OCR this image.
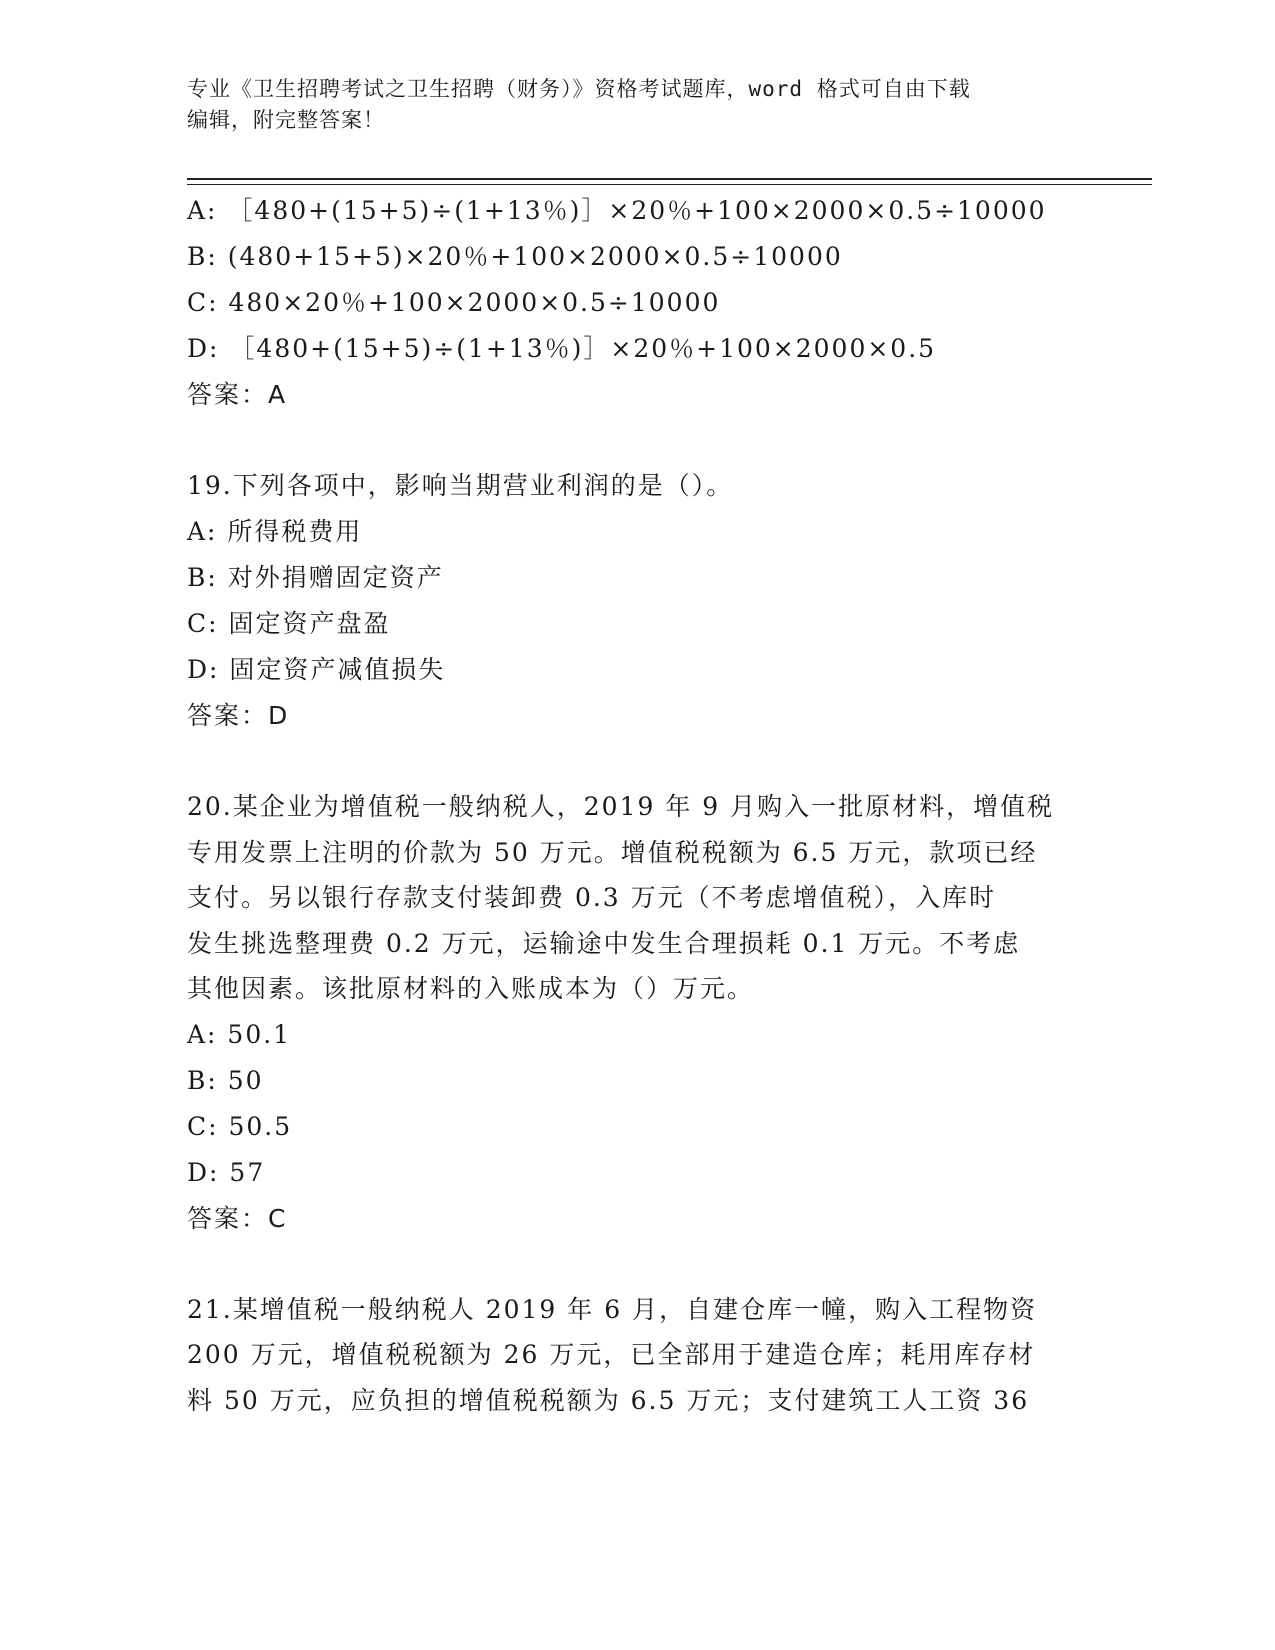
专业《卫生招聘考试之卫生招聘（财务）》资格考试题库，word 格式可自由下载
编辑，附完整答案！
A: ［480+(15+5)÷(1+13％)］×20％+100×2000×0.5÷10000
B: (480+15+5)×20％+100×2000×0.5÷10000
C: 480×20％+100×2000×0.5÷10000
D: ［480+(15+5)÷(1+13％)］×20％+100×2000×0.5
答案：A
19.下列各项中，影响当期营业利润的是（）。
A: 所得税费用
B: 对外捐赠固定资产
C: 固定资产盘盈
D: 固定资产减值损失
答案：D
20.某企业为增值税一般纳税人，2019 年 9 月购入一批原材料，增值税
专用发票上注明的价款为 50 万元。增值税税额为 6.5 万元，款项已经
支付。另以银行存款支付装卸费 0.3 万元（不考虑增值税），入库时
发生挑选整理费 0.2 万元，运输途中发生合理损耗 0.1 万元。不考虑
其他因素。该批原材料的入账成本为（）万元。
A: 50.1
B: 50
C: 50.5
D: 57
答案：C
21.某增值税一般纳税人 2019 年 6 月，自建仓库一幢，购入工程物资
200 万元，增值税税额为 26 万元，已全部用于建造仓库；耗用库存材
料 50 万元，应负担的增值税税额为 6.5 万元；支付建筑工人工资 36
